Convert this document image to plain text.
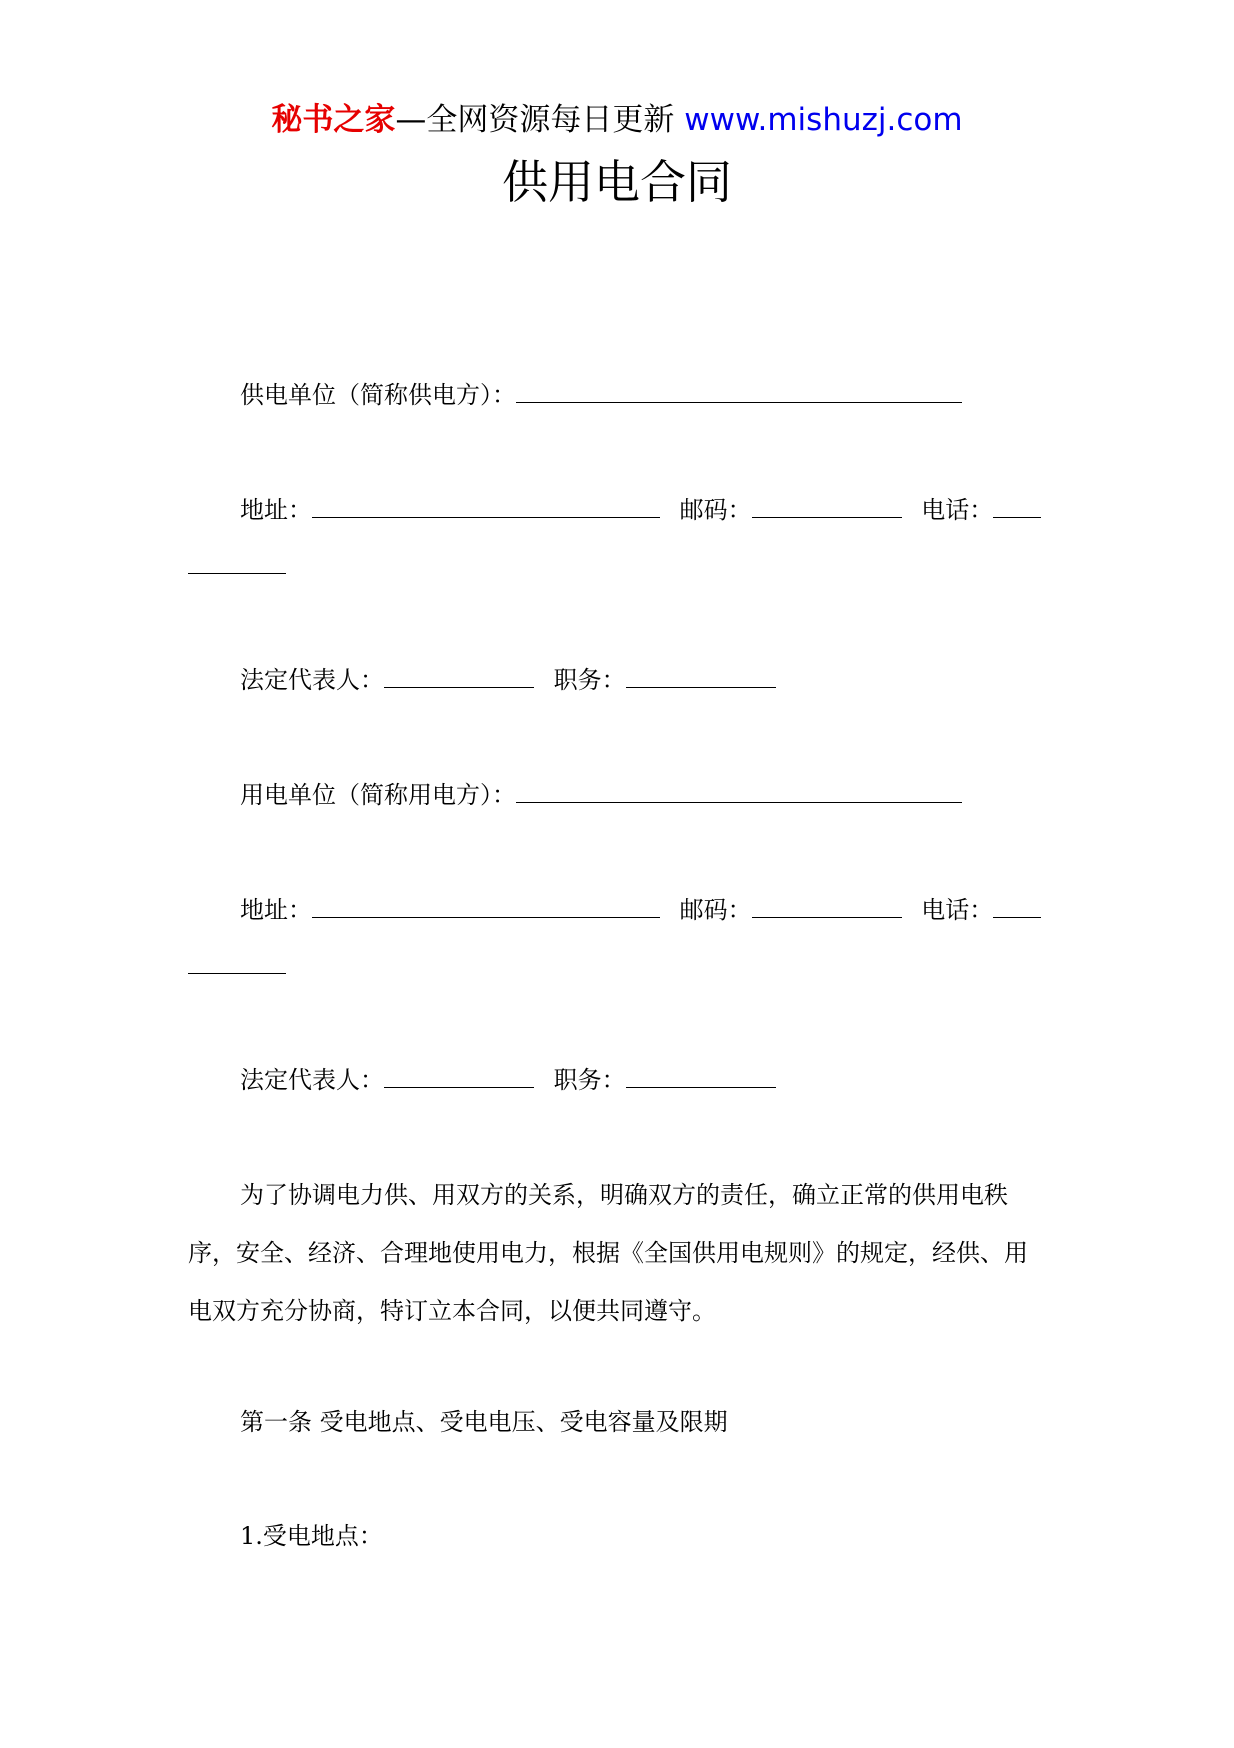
秘书之家—全网资源每日更新 www.mishuzj.com
供用电合同
供电单位（简称供电方）：
地址：	邮码：	电话：
法定代表人：	职务：
用电单位（简称用电方）：
地址：	邮码：	电话：
法定代表人：	职务：
为了协调电力供、用双方的关系，明确双方的责任，确立正常的供用电秩序，安全、经济、合理地使用电力，根据《全国供用电规则》的规定，经供、用电双方充分协商，特订立本合同，以便共同遵守。
第一条 受电地点、受电电压、受电容量及限期
1.受电地点：
